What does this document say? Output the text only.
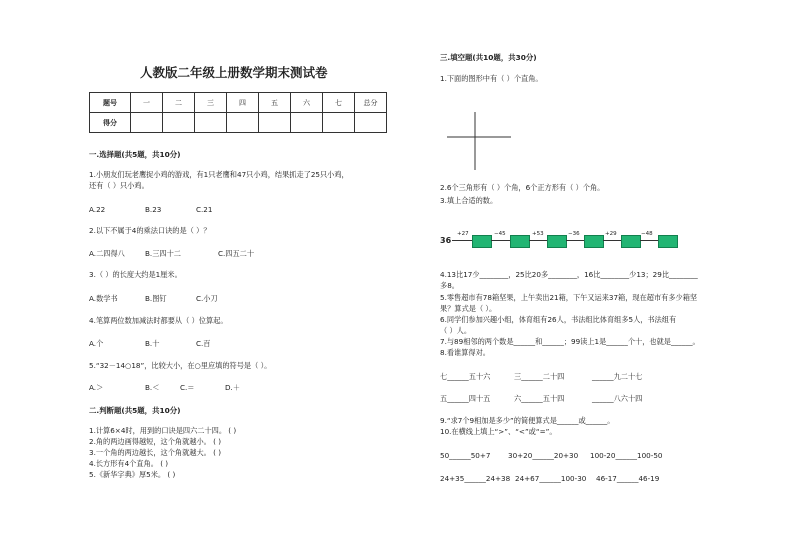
人教版二年级上册数学期末测试卷
题号	一	二	三	四	五	六	七	总分
得分								
一.选择题(共5题，共10分)
1.小朋友们玩老鹰捉小鸡的游戏，有1只老鹰和47只小鸡，结果抓走了25只小鸡，
还有（ ）只小鸡。
A.22	B.23	C.21
2.以下不属于4的乘法口诀的是（ ）？
A.二四得八	B.三四十二	C.四五二十
3.（ ）的长度大约是1厘米。
A.数学书	B.图钉	C.小刀
4.笔算两位数加减法时都要从（ ）位算起。
A.个	B.十	C.百
5.“32－14○18”，比较大小，在○里应填的符号是（ ）。
A.＞	B.＜	C.＝	D.＋
二.判断题(共5题，共10分)
1.计算6×4时，用到的口诀是四六二十四。 ( )
2.角的两边画得越短，这个角就越小。 ( )
3.一个角的两边越长，这个角就越大。 ( )
4.长方形有4个直角。 ( )
5.《新华字典》厚5米。 ( )
三.填空题(共10题，共30分)
1.下面的图形中有（ ）个直角。
2.6个三角形有（ ）个角，6个正方形有（ ）个角。
3.填上合适的数。
36
+27	−45	+53	−36	+29	−48
4.13比17少________，25比20多________，16比________少13；29比________
多8。
5.零售超市有78箱坚果，上午卖出21箱，下午又运来37箱，现在超市有多少箱坚
果？算式是（ ）。
6.同学们参加兴趣小组，体育组有26人，书法组比体育组多5人，书法组有
（ ）人。
7.与89相邻的两个数是______和______；99读上1是______个十，也就是______。
8.看谁算得对。
七______五十六	三______二十四	______九二十七
五______四十五	六______五十四	______八六十四
9.“求7个9相加是多少”的简便算式是______或______。
10.在横线上填上“>”、“<”或“=”。
50______50+7 30+20______20+30 100-20______100-50
24+35______24+38 24+67______100-30 46-17______46-19
